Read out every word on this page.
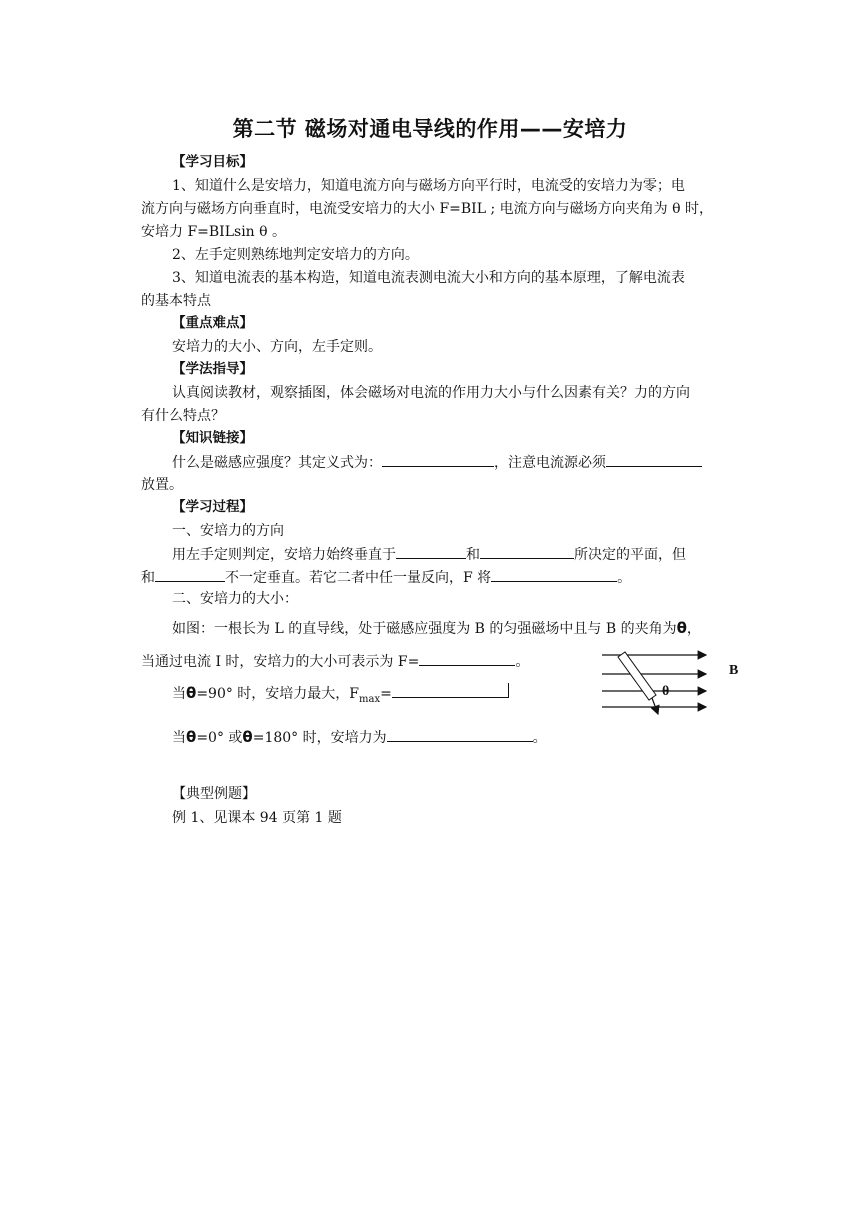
第二节 磁场对通电导线的作用——安培力
【学习目标】
1、知道什么是安培力，知道电流方向与磁场方向平行时，电流受的安培力为零；电
流方向与磁场方向垂直时，电流受安培力的大小 F=BIL ; 电流方向与磁场方向夹角为 θ 时，
安培力 F=BILsin θ 。
2、左手定则熟练地判定安培力的方向。
3、知道电流表的基本构造，知道电流表测电流大小和方向的基本原理，了解电流表
的基本特点
【重点难点】
安培力的大小、方向，左手定则。
【学法指导】
认真阅读教材，观察插图，体会磁场对电流的作用力大小与什么因素有关？力的方向
有什么特点？
【知识链接】
什么是磁感应强度？其定义式为：	，注意电流源必须
放置。
【学习过程】
一、安培力的方向
用左手定则判定，安培力始终垂直于	和	所决定的平面，但
和	不一定垂直。若它二者中任一量反向，F 将	。
二、安培力的大小：
如图：一根长为 L 的直导线，处于磁感应强度为 B 的匀强磁场中且与 B 的夹角为θ，
当通过电流 I 时，安培力的大小可表示为 F=	。
当θ=90° 时，安培力最大，$F_{max}=$
当θ=0° 或θ=180° 时，安培力为	。
【典型例题】
例 1、见课本 94 页第 1 题
θ
B
